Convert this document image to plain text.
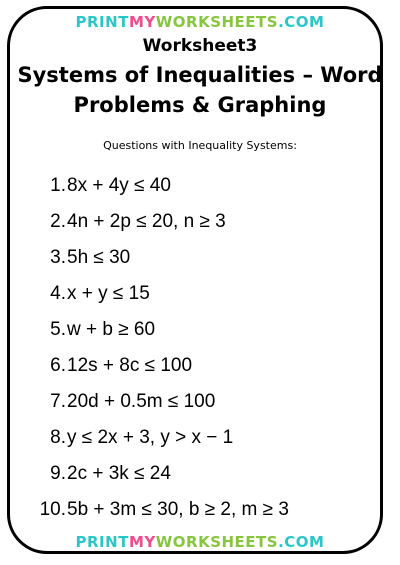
PRINTMYWORKSHEETS.COM
Worksheet3
Systems of Inequalities – Word
Problems & Graphing
Questions with Inequality Systems:
1. 8x + 4y ≤ 40
2. 4n + 2p ≤ 20, n ≥ 3
3. 5h ≤ 30
4. x + y ≤ 15
5. w + b ≥ 60
6. 12s + 8c ≤ 100
7. 20d + 0.5m ≤ 100
8. y ≤ 2x + 3, y > x − 1
9. 2c + 3k ≤ 24
10. 5b + 3m ≤ 30, b ≥ 2, m ≥ 3
PRINTMYWORKSHEETS.COM
